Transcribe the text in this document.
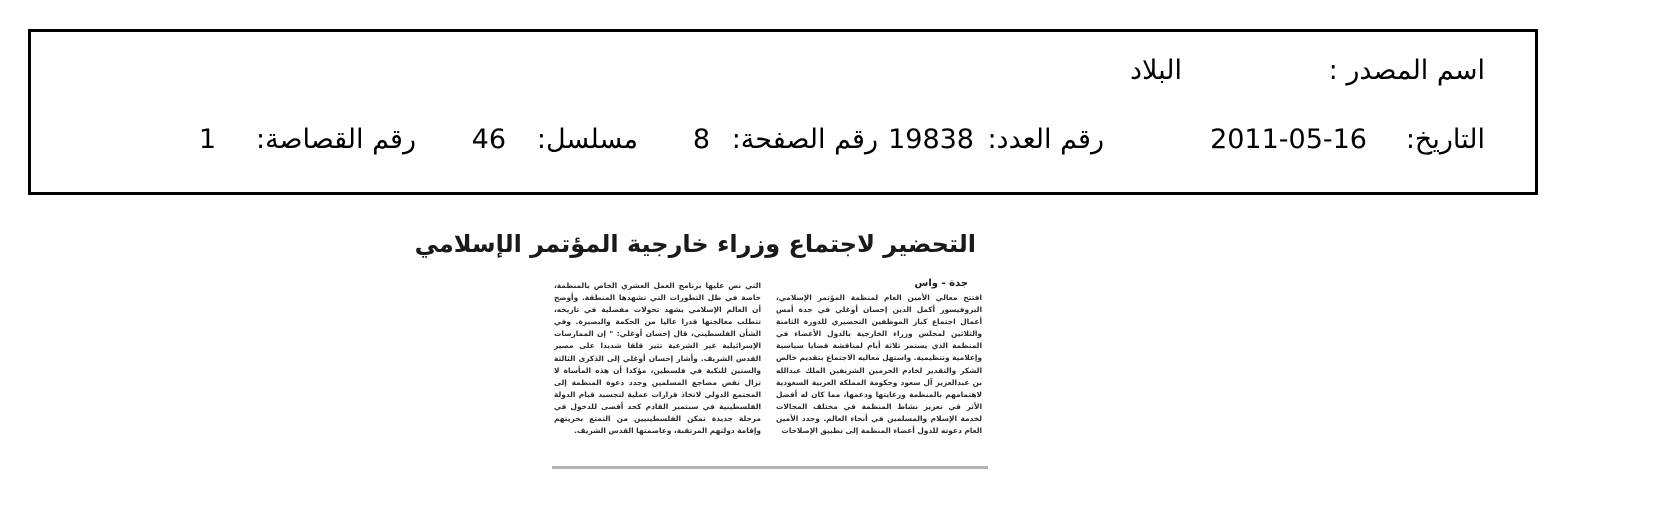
اسم المصدر :
البلاد
التاريخ:
2011-05-16
رقم العدد:
19838
رقم الصفحة:
8
مسلسل:
46
رقم القصاصة:
1
التحضير لاجتماع وزراء خارجية المؤتمر الإسلامي
جدة - واس
افتتح معالي الأمين العام لمنظمة المؤتمر الإسلامي، البروفيسور أكمل الدين إحسان أوغلي في جدة أمس أعمال اجتماع كبار الموظفين التحضيري للدورة الثامنة والثلاثين لمجلس وزراء الخارجية بالدول الأعضاء في المنظمة الذي يستمر ثلاثة أيام لمناقشة قضايا سياسية وإعلامية وتنظيمية. واستهل معاليه الاجتماع بتقديم خالص الشكر والتقدير لخادم الحرمين الشريفين الملك عبدالله بن عبدالعزيز آل سعود وحكومة المملكة العربية السعودية لاهتمامهم بالمنظمة ورعايتها ودعمها، مما كان له أفضل الأثر في تعزيز نشاط المنظمة في مختلف المجالات لخدمة الإسلام والمسلمين في أنحاء العالم. وجدد الأمين العام دعوته للدول أعضاء المنظمة إلى تطبيق الإصلاحات
التي نص عليها برنامج العمل العشري الخاص بالمنظمة، خاصة في ظل التطورات التي تشهدها المنطقة. وأوضح أن العالم الإسلامي يشهد تحولات مفصلية في تاريخه، تتطلب معالجتها قدرا عاليا من الحكمة والبصيرة. وفي الشأن الفلسطيني، قال إحسان أوغلي: " إن الممارسات الإسرائيلية غير الشرعية تثير قلقا شديدا على مصير القدس الشريف. وأشار إحسان أوغلي إلى الذكرى الثالثة والستين للنكبة في فلسطين، مؤكدا أن هذه المأساة لا تزال تقض مضاجع المسلمين وجدد دعوة المنظمة إلى المجتمع الدولي لاتخاذ قرارات عملية لتجسيد قيام الدولة الفلسطينية في سبتمبر القادم كحد أقصى للدخول في مرحلة جديدة تمكن الفلسطينيين من التمتع بحريتهم وإقامة دولتهم المرتقبة، وعاصمتها القدس الشريف.
